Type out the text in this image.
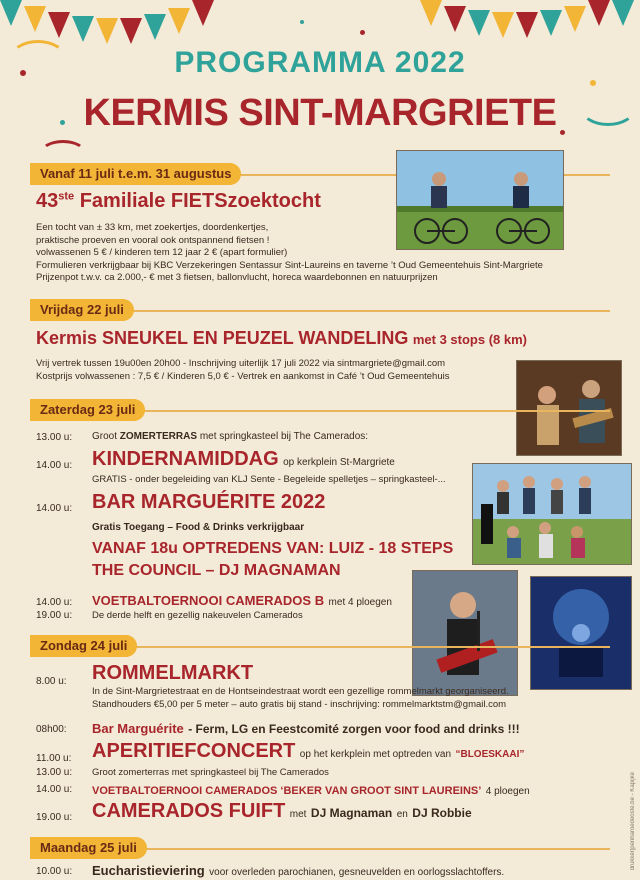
PROGRAMMA 2022
KERMIS SINT-MARGRIETE
Vanaf 11 juli t.e.m. 31 augustus
43ste Familiale FIETSzoektocht
Een tocht van ± 33 km, met zoekertjes, doordenkertjes,
praktische proeven en vooral ook ontspannend fietsen !
volwassenen 5 € / kinderen tem 12 jaar 2 € (apart formulier)
Formulieren verkrijgbaar bij KBC Verzekeringen Sentassur Sint-Laureins en taverne ’t Oud Gemeentehuis Sint-Margriete
Prijzenpot t.w.v. ca 2.000,- € met 3 fietsen, ballonvlucht, horeca waardebonnen en natuurprijzen
Vrijdag 22 juli
Kermis SNEUKEL EN PEUZEL WANDELING met 3 stops (8 km)
Vrij vertrek tussen 19u00en 20h00 - Inschrijving uiterlijk 17 juli 2022 via sintmargriete@gmail.com
Kostprijs volwassenen : 7,5 € / Kinderen 5,0 € - Vertrek en aankomst in Café ’t Oud Gemeentehuis
Zaterdag 23 juli
13.00 u: Groot ZOMERTERRAS met springkasteel bij The Camerados:
14.00 u: KINDERNAMIDDAG op kerkplein St-Margriete
GRATIS - onder begeleiding van KLJ Sente - Begeleide spelletjes – springkasteel-...
14.00 u: BAR MARGUÉRITE 2022
Gratis Toegang – Food & Drinks verkrijgbaar
VANAF 18u OPTREDENS VAN: LUIZ - 18 STEPS
THE COUNCIL – DJ MAGNAMAN
14.00 u: VOETBALTOERNOOI CAMERADOS B met 4 ploegen
19.00 u: De derde helft en gezellig nakeuvelen Camerados
Zondag 24 juli
8.00 u: ROMMELMARKT
In de Sint-Margrietestraat en de Hontseindestraat wordt een gezellige rommelmarkt georganiseerd.
Standhouders €5,00 per 5 meter – auto gratis bij stand - inschrijving: rommelmarktstm@gmail.com
08h00: Bar Marguérite - Ferm, LG en Feestcomité zorgen voor food and drinks !!!
11.00 u: APERITIEFCONCERT op het kerkplein met optreden van “BLOESKAAI”
13.00 u: Groot zomerterras met springkasteel bij The Camerados
14.00 u: VOETBALTOERNOOI CAMERADOS ‘BEKER VAN GROOT SINT LAUREINS’ 4 ploegen
19.00 u: CAMERADOS FUIFT met DJ Magnaman en DJ Robbie
Maandag 25 juli
10.00 u: Eucharistieviering voor overleden parochianen, gesneuvelden en oorlogsslachtoffers.
drukker|penharoedeoste.be - Kapijke
